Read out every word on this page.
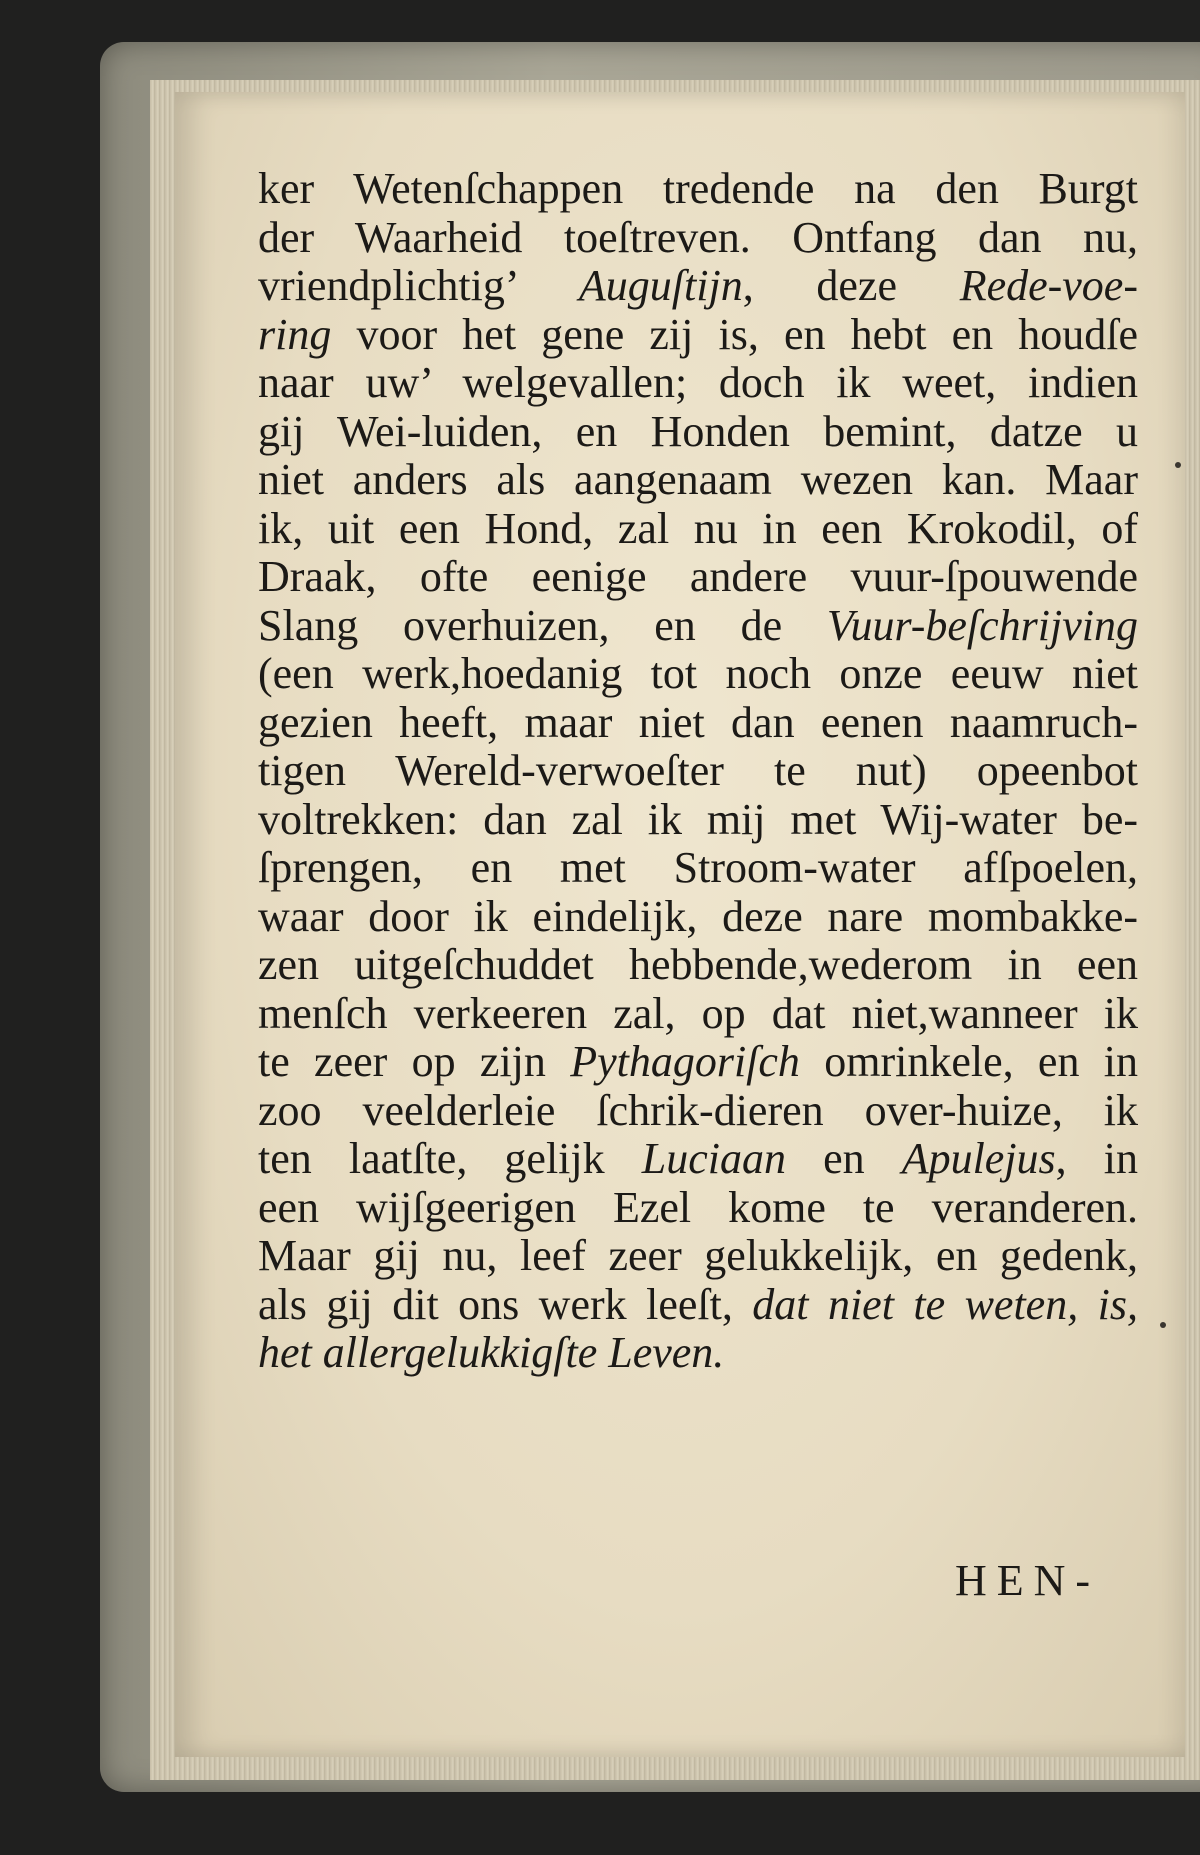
ker Wetenſchappen tredende na den Burgt
der Waarheid toeſtreven. Ontfang dan nu,
vriendplichtig’ Auguſtijn, deze Rede-voe-
ring voor het gene zij is, en hebt en houdſe
naar uw’ welgevallen; doch ik weet, indien
gij Wei-luiden, en Honden bemint, datze u
niet anders als aangenaam wezen kan. Maar
ik, uit een Hond, zal nu in een Krokodil, of
Draak, ofte eenige andere vuur-ſpouwende
Slang overhuizen, en de Vuur-beſchrijving
(een werk,hoedanig tot noch onze eeuw niet
gezien heeft, maar niet dan eenen naamruch-
tigen Wereld-verwoeſter te nut) opeenbot
voltrekken: dan zal ik mij met Wij-water be-
ſprengen, en met Stroom-water afſpoelen,
waar door ik eindelijk, deze nare mombakke-
zen uitgeſchuddet hebbende,wederom in een
menſch verkeeren zal, op dat niet,wanneer ik
te zeer op zijn Pythagoriſch omrinkele, en in
zoo veelderleie ſchrik-dieren over-huize, ik
ten laatſte, gelijk Luciaan en Apulejus, in
een wijſgeerigen Ezel kome te veranderen.
Maar gij nu, leef zeer gelukkelijk, en gedenk,
als gij dit ons werk leeſt, dat niet te weten, is,
het allergelukkigſte Leven.
HEN-
